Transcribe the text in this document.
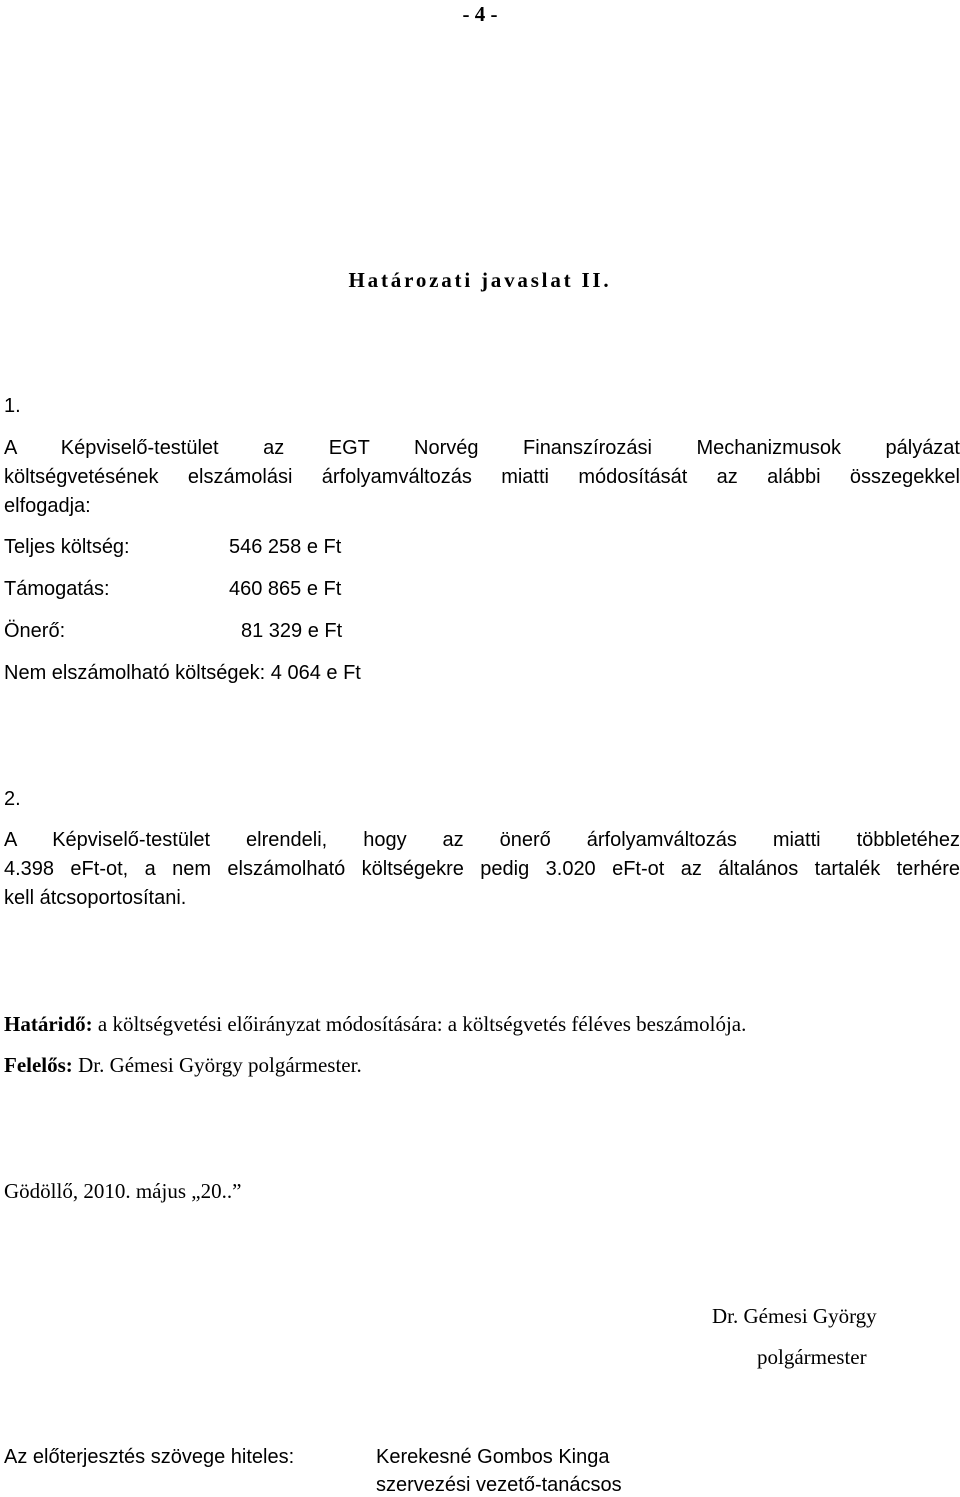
- 4 -
Határozati javaslat II.
1.
A Képviselő-testület az EGT Norvég Finanszírozási Mechanizmusok pályázat
költségvetésének elszámolási árfolyamváltozás miatti módosítását az alábbi összegekkel
elfogadja:
Teljes költség:	546 258 e Ft
Támogatás:	460 865 e Ft
Önerő:	81 329 e Ft
Nem elszámolható költségek: 4 064 e Ft
2.
A Képviselő-testület elrendeli, hogy az önerő árfolyamváltozás miatti többletéhez
4.398 eFt-ot, a nem elszámolható költségekre pedig 3.020 eFt-ot az általános tartalék terhére
kell átcsoportosítani.
Határidő: a költségvetési előirányzat módosítására: a költségvetés féléves beszámolója.
Felelős: Dr. Gémesi György polgármester.
Gödöllő, 2010. május „20..”
Dr. Gémesi György
polgármester
Az előterjesztés szövege hiteles:	Kerekesné Gombos Kinga
szervezési vezető-tanácsos
